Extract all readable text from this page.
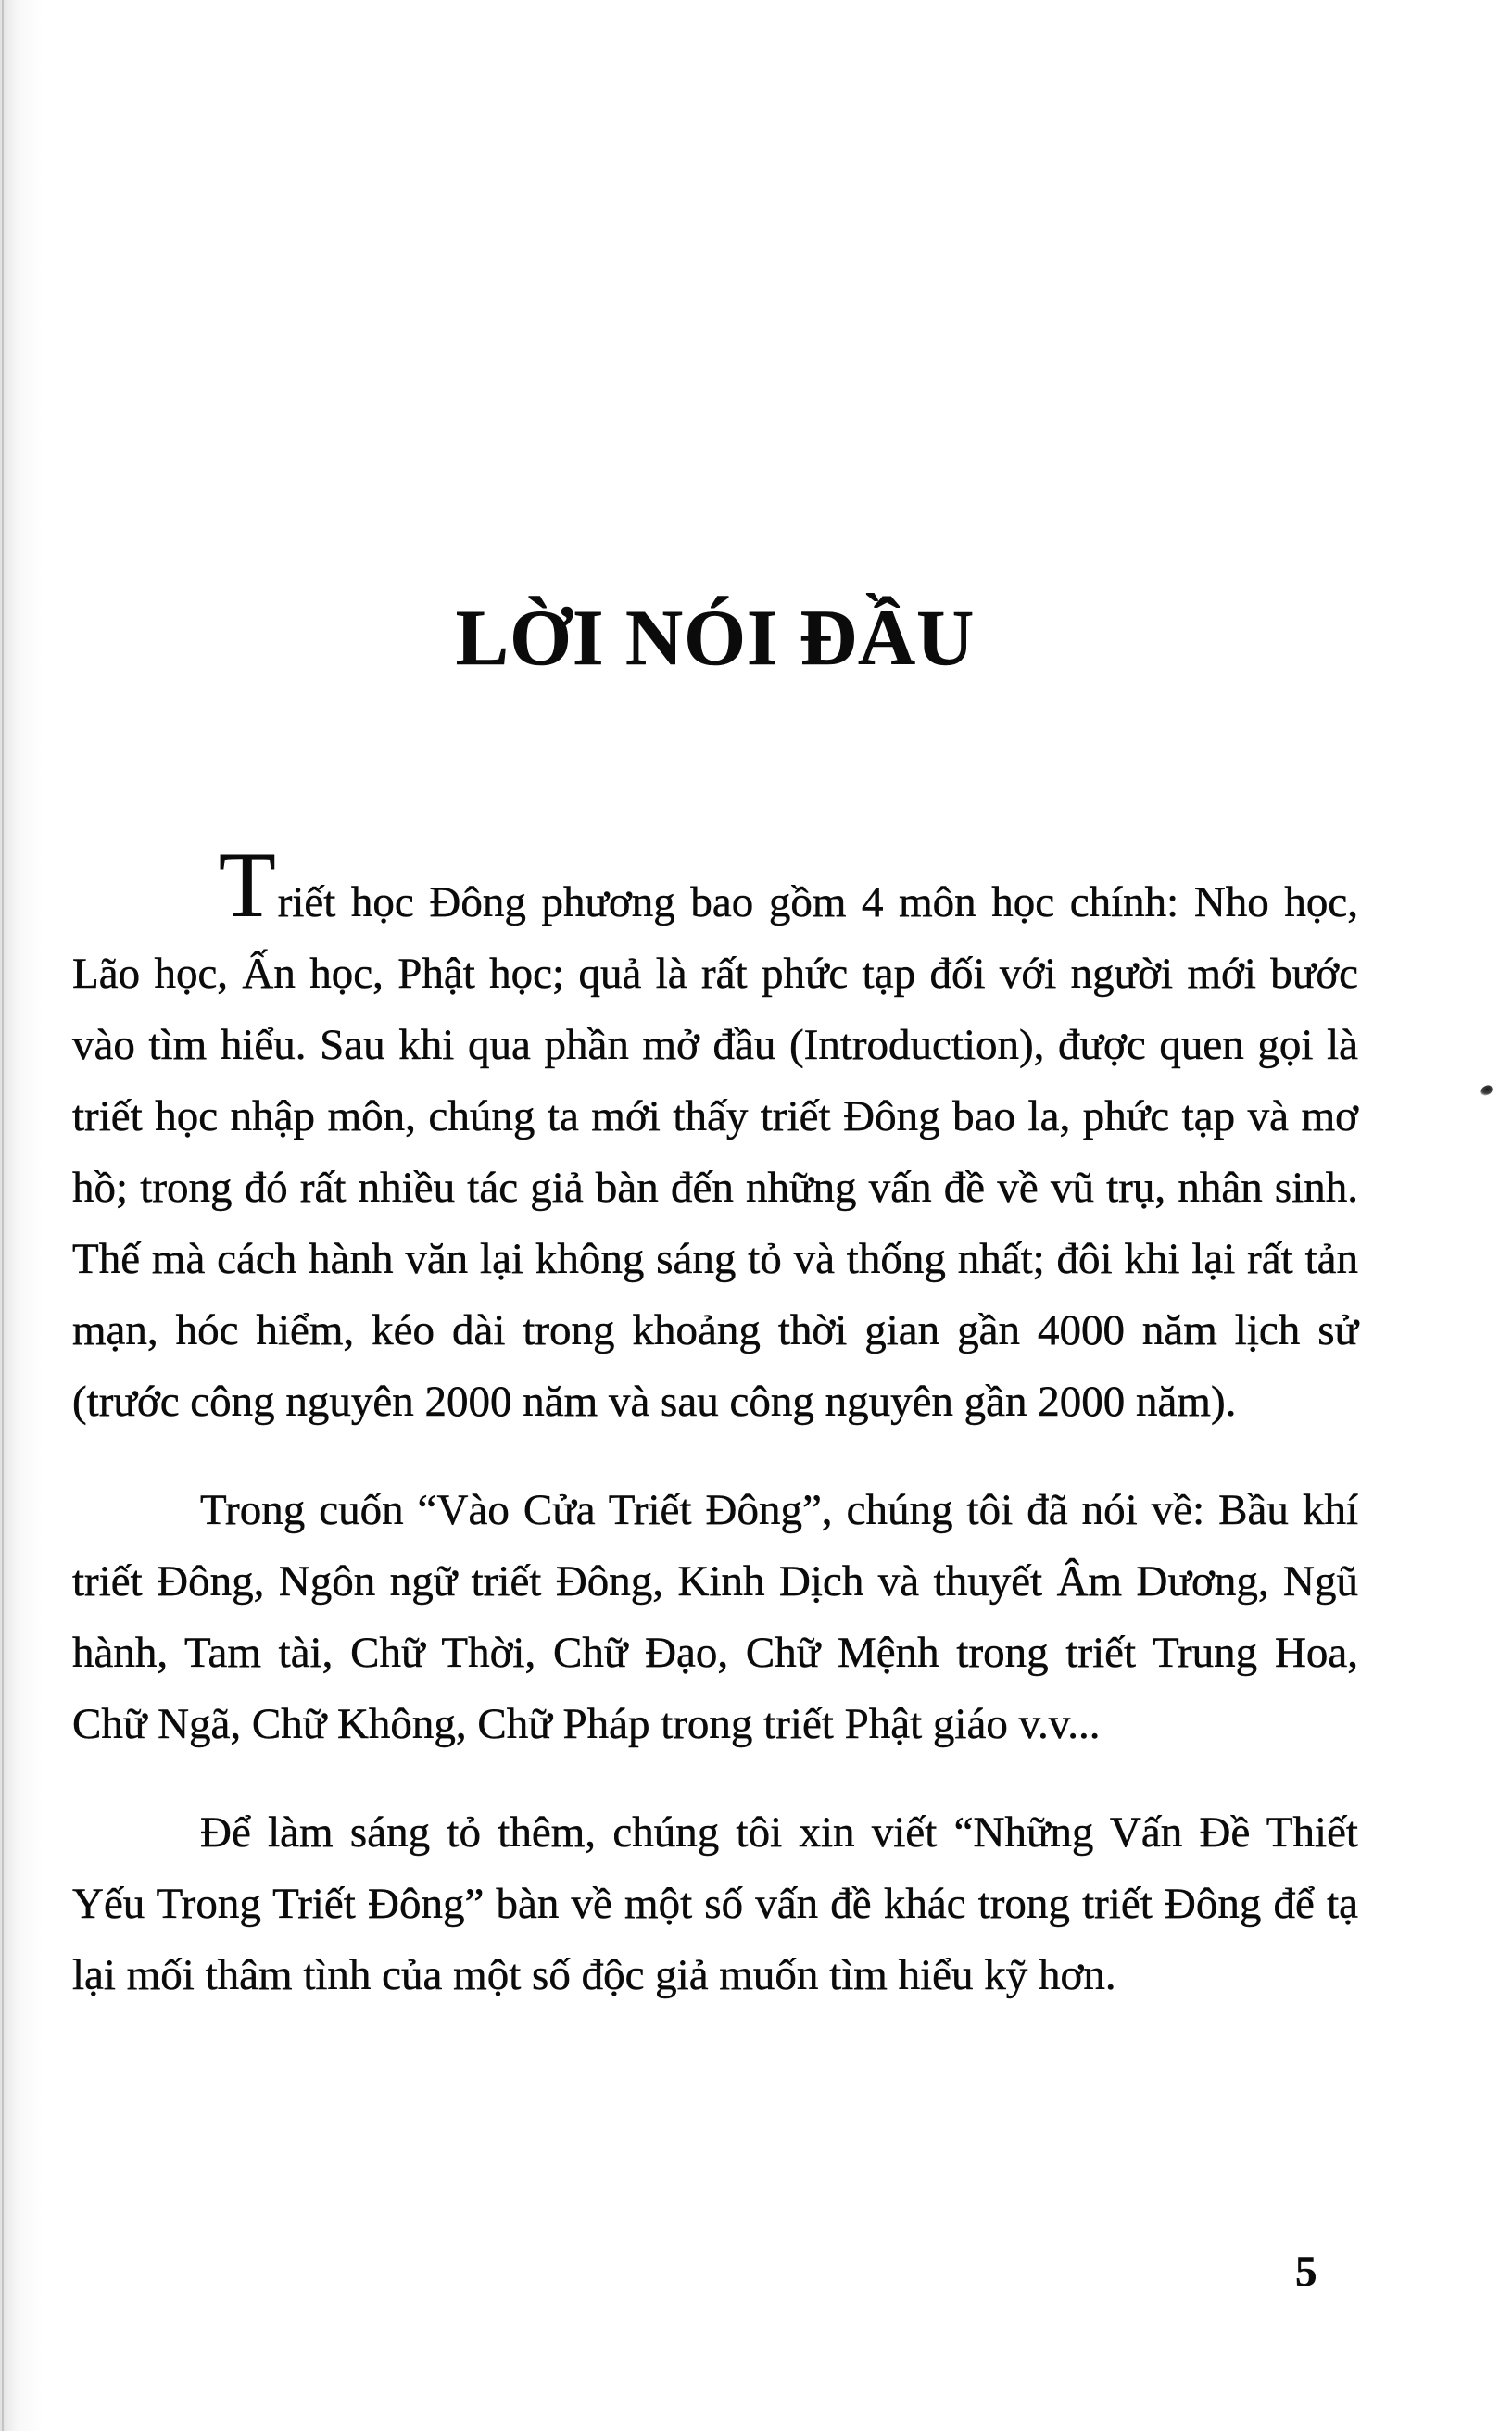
LỜI NÓI ĐẦU

Triết học Đông phương bao gồm 4 môn học chính: Nho học, Lão học, Ấn học, Phật học; quả là rất phức tạp đối với người mới bước vào tìm hiểu. Sau khi qua phần mở đầu (Introduction), được quen gọi là triết học nhập môn, chúng ta mới thấy triết Đông bao la, phức tạp và mơ hồ; trong đó rất nhiều tác giả bàn đến những vấn đề về vũ trụ, nhân sinh. Thế mà cách hành văn lại không sáng tỏ và thống nhất; đôi khi lại rất tản mạn, hóc hiểm, kéo dài trong khoảng thời gian gần 4000 năm lịch sử (trước công nguyên 2000 năm và sau công nguyên gần 2000 năm).

Trong cuốn “Vào Cửa Triết Đông”, chúng tôi đã nói về: Bầu khí triết Đông, Ngôn ngữ triết Đông, Kinh Dịch và thuyết Âm Dương, Ngũ hành, Tam tài, Chữ Thời, Chữ Đạo, Chữ Mệnh trong triết Trung Hoa, Chữ Ngã, Chữ Không, Chữ Pháp trong triết Phật giáo v.v...

Để làm sáng tỏ thêm, chúng tôi xin viết “Những Vấn Đề Thiết Yếu Trong Triết Đông” bàn về một số vấn đề khác trong triết Đông để tạ lại mối thâm tình của một số độc giả muốn tìm hiểu kỹ hơn.

5
